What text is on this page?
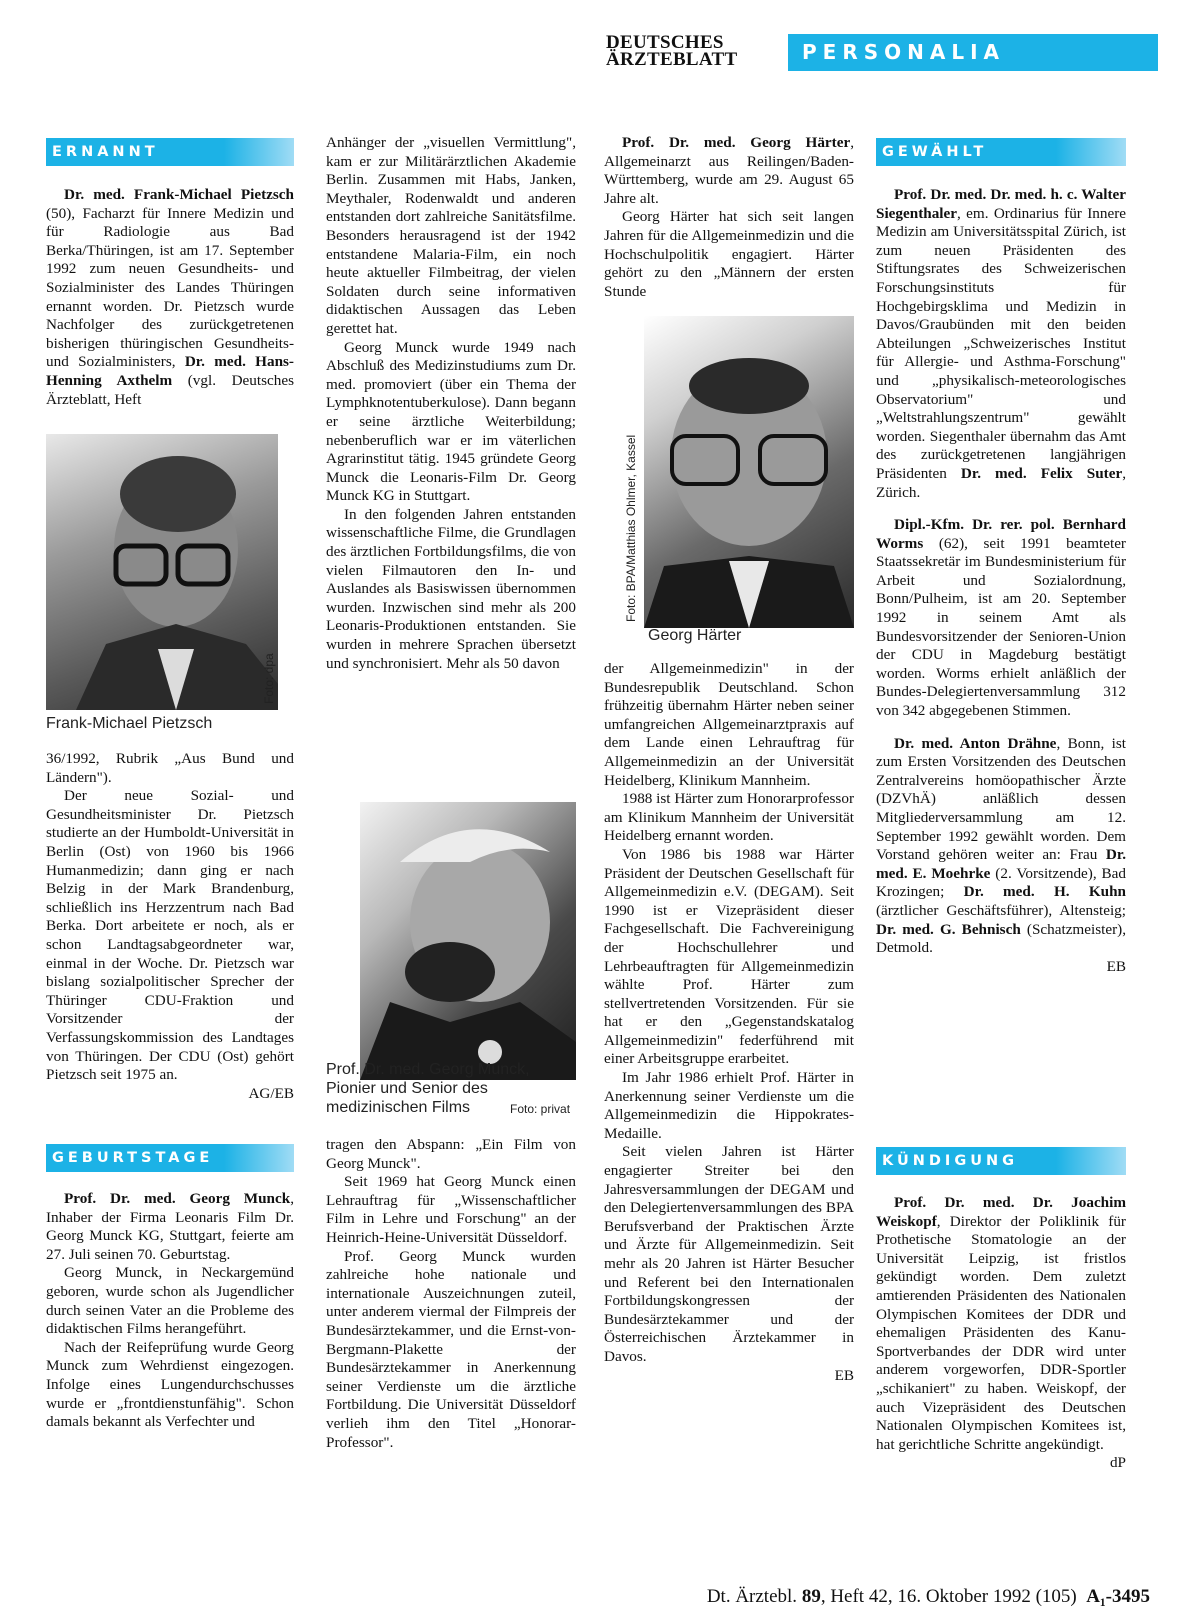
DEUTSCHES
ÄRZTEBLATT	PERSONALIA
ERNANNT

Dr. med. Frank-Michael Pietzsch (50), Facharzt für Innere Medizin und für Radiologie aus Bad Berka/Thüringen, ist am 17. September 1992 zum neuen Gesundheits- und Sozialminister des Landes Thüringen ernannt worden. Dr. Pietzsch wurde Nachfolger des zurückgetretenen bisherigen thüringischen Gesundheits- und Sozialministers, Dr. med. Hans-Henning Axthelm (vgl. Deutsches Ärzteblatt, Heft

Foto: dpa
Frank-Michael Pietzsch

36/1992, Rubrik „Aus Bund und Ländern").

Der neue Sozial- und Gesundheitsminister Dr. Pietzsch studierte an der Humboldt-Universität in Berlin (Ost) von 1960 bis 1966 Humanmedizin; dann ging er nach Belzig in der Mark Brandenburg, schließlich ins Herzzentrum nach Bad Berka. Dort arbeitete er noch, als er schon Landtagsabgeordneter war, einmal in der Woche. Dr. Pietzsch war bislang sozialpolitischer Sprecher der Thüringer CDU-Fraktion und Vorsitzender der Verfassungskommission des Landtages von Thüringen. Der CDU (Ost) gehört Pietzsch seit 1975 an.

AG/EB
GEBURTSTAGE

Prof. Dr. med. Georg Munck, Inhaber der Firma Leonaris Film Dr. Georg Munck KG, Stuttgart, feierte am 27. Juli seinen 70. Geburtstag.

Georg Munck, in Neckargemünd geboren, wurde schon als Jugendlicher durch seinen Vater an die Probleme des didaktischen Films herangeführt.

Nach der Reifeprüfung wurde Georg Munck zum Wehrdienst eingezogen. Infolge eines Lungendurchschusses wurde er „frontdienstunfähig". Schon damals bekannt als Verfechter und

Anhänger der „visuellen Vermittlung", kam er zur Militärärztlichen Akademie Berlin. Zusammen mit Habs, Janken, Meythaler, Rodenwaldt und anderen entstanden dort zahlreiche Sanitätsfilme. Besonders herausragend ist der 1942 entstandene Malaria-Film, ein noch heute aktueller Filmbeitrag, der vielen Soldaten durch seine informativen didaktischen Aussagen das Leben gerettet hat.

Georg Munck wurde 1949 nach Abschluß des Medizinstudiums zum Dr. med. promoviert (über ein Thema der Lymphknotentuberkulose). Dann begann er seine ärztliche Weiterbildung; nebenberuflich war er im väterlichen Agrarinstitut tätig. 1945 gründete Georg Munck die Leonaris-Film Dr. Georg Munck KG in Stuttgart.

In den folgenden Jahren entstanden wissenschaftliche Filme, die Grundlagen des ärztlichen Fortbildungsfilms, die von vielen Filmautoren den In- und Auslandes als Basiswissen übernommen wurden. Inzwischen sind mehr als 200 Leonaris-Produktionen entstanden. Sie wurden in mehrere Sprachen übersetzt und synchronisiert. Mehr als 50 davon

Prof. Dr. med. Georg Munck, Pionier und Senior des medizinischen Films	Foto: privat

tragen den Abspann: „Ein Film von Georg Munck".

Seit 1969 hat Georg Munck einen Lehrauftrag für „Wissenschaftlicher Film in Lehre und Forschung" an der Heinrich-Heine-Universität Düsseldorf.

Prof. Georg Munck wurden zahlreiche hohe nationale und internationale Auszeichnungen zuteil, unter anderem viermal der Filmpreis der Bundesärztekammer, und die Ernst-von-Bergmann-Plakette der Bundesärztekammer in Anerkennung seiner Verdienste um die ärztliche Fortbildung. Die Universität Düsseldorf verlieh ihm den Titel „Honorar-Professor".

Prof. Dr. med. Georg Härter, Allgemeinarzt aus Reilingen/Baden-Württemberg, wurde am 29. August 65 Jahre alt.

Georg Härter hat sich seit langen Jahren für die Allgemeinmedizin und die Hochschulpolitik engagiert. Härter gehört zu den „Männern der ersten Stunde

Foto: BPA/Matthias Ohlmer, Kassel
Georg Härter

der Allgemeinmedizin" in der Bundesrepublik Deutschland. Schon frühzeitig übernahm Härter neben seiner umfangreichen Allgemeinarztpraxis auf dem Lande einen Lehrauftrag für Allgemeinmedizin an der Universität Heidelberg, Klinikum Mannheim.

1988 ist Härter zum Honorarprofessor am Klinikum Mannheim der Universität Heidelberg ernannt worden.

Von 1986 bis 1988 war Härter Präsident der Deutschen Gesellschaft für Allgemeinmedizin e.V. (DEGAM). Seit 1990 ist er Vizepräsident dieser Fachgesellschaft. Die Fachvereinigung der Hochschullehrer und Lehrbeauftragten für Allgemeinmedizin wählte Prof. Härter zum stellvertretenden Vorsitzenden. Für sie hat er den „Gegenstandskatalog Allgemeinmedizin" federführend mit einer Arbeitsgruppe erarbeitet.

Im Jahr 1986 erhielt Prof. Härter in Anerkennung seiner Verdienste um die Allgemeinmedizin die Hippokrates-Medaille.

Seit vielen Jahren ist Härter engagierter Streiter bei den Jahresversammlungen der DEGAM und den Delegiertenversammlungen des BPA Berufsverband der Praktischen Ärzte und Ärzte für Allgemeinmedizin. Seit mehr als 20 Jahren ist Härter Besucher und Referent bei den Internationalen Fortbildungskongressen der Bundesärztekammer und der Österreichischen Ärztekammer in Davos.

EB
GEWÄHLT

Prof. Dr. med. Dr. med. h. c. Walter Siegenthaler, em. Ordinarius für Innere Medizin am Universitätsspital Zürich, ist zum neuen Präsidenten des Stiftungsrates des Schweizerischen Forschungsinstituts für Hochgebirgsklima und Medizin in Davos/Graubünden mit den beiden Abteilungen „Schweizerisches Institut für Allergie- und Asthma-Forschung" und „physikalisch-meteorologisches Observatorium" und „Weltstrahlungszentrum" gewählt worden. Siegenthaler übernahm das Amt des zurückgetretenen langjährigen Präsidenten Dr. med. Felix Suter, Zürich.

Dipl.-Kfm. Dr. rer. pol. Bernhard Worms (62), seit 1991 beamteter Staatssekretär im Bundesministerium für Arbeit und Sozialordnung, Bonn/Pulheim, ist am 20. September 1992 in seinem Amt als Bundesvorsitzender der Senioren-Union der CDU in Magdeburg bestätigt worden. Worms erhielt anläßlich der Bundes-Delegiertenversammlung 312 von 342 abgegebenen Stimmen.

Dr. med. Anton Drähne, Bonn, ist zum Ersten Vorsitzenden des Deutschen Zentralvereins homöopathischer Ärzte (DZVhÄ) anläßlich dessen Mitgliederversammlung am 12. September 1992 gewählt worden. Dem Vorstand gehören weiter an: Frau Dr. med. E. Moehrke (2. Vorsitzende), Bad Krozingen; Dr. med. H. Kuhn (ärztlicher Geschäftsführer), Altensteig; Dr. med. G. Behnisch (Schatzmeister), Detmold.

EB
KÜNDIGUNG

Prof. Dr. med. Dr. Joachim Weiskopf, Direktor der Poliklinik für Prothetische Stomatologie an der Universität Leipzig, ist fristlos gekündigt worden. Dem zuletzt amtierenden Präsidenten des Nationalen Olympischen Komitees der DDR und ehemaligen Präsidenten des Kanu-Sportverbandes der DDR wird unter anderem vorgeworfen, DDR-Sportler „schikaniert" zu haben. Weiskopf, der auch Vizepräsident des Deutschen Nationalen Olympischen Komitees ist, hat gerichtliche Schritte angekündigt.

dP
Dt. Ärztebl. 89, Heft 42, 16. Oktober 1992 (105) A₁-3495
